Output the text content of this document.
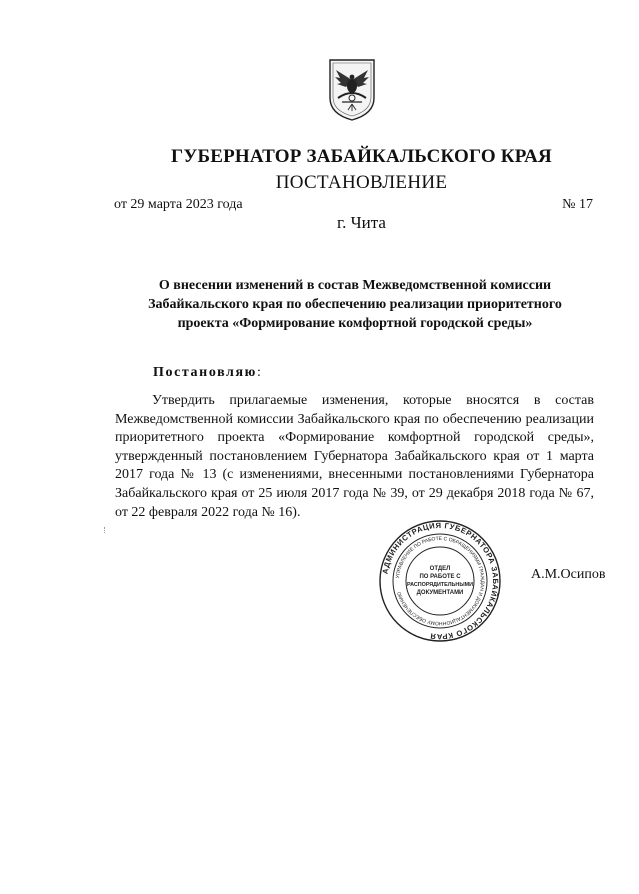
ГУБЕРНАТОР ЗАБАЙКАЛЬСКОГО КРАЯ
ПОСТАНОВЛЕНИЕ
от 29 марта 2023 года	№ 17
г. Чита
О внесении изменений в состав Межведомственной комиссии
Забайкальского края по обеспечению реализации приоритетного
проекта «Формирование комфортной городской среды»
Постановляю:
Утвердить прилагаемые изменения, которые вносятся в состав Межведомственной комиссии Забайкальского края по обеспечению реализации приоритетного проекта «Формирование комфортной городской среды», утвержденный постановлением Губернатора Забайкальского края от 1 марта 2017 года № 13 (с изменениями, внесенными постановлениями Губернатора Забайкальского края от 25 июля 2017 года № 39, от 29 декабря 2018 года № 67, от 22 февраля 2022 года № 16).
АДМИНИСТРАЦИЯ ГУБЕРНАТОРА ЗАБАЙКАЛЬСКОГО КРАЯ
УПРАВЛЕНИЕ ПО РАБОТЕ С ОБРАЩЕНИЯМИ ГРАЖДАН И ДОКУМЕНТАЦИОННОМУ ОБЕСПЕЧЕНИЮ
ОТДЕЛ
ПО РАБОТЕ С
РАСПОРЯДИТЕЛЬНЫМИ
ДОКУМЕНТАМИ
А.М.Осипов
